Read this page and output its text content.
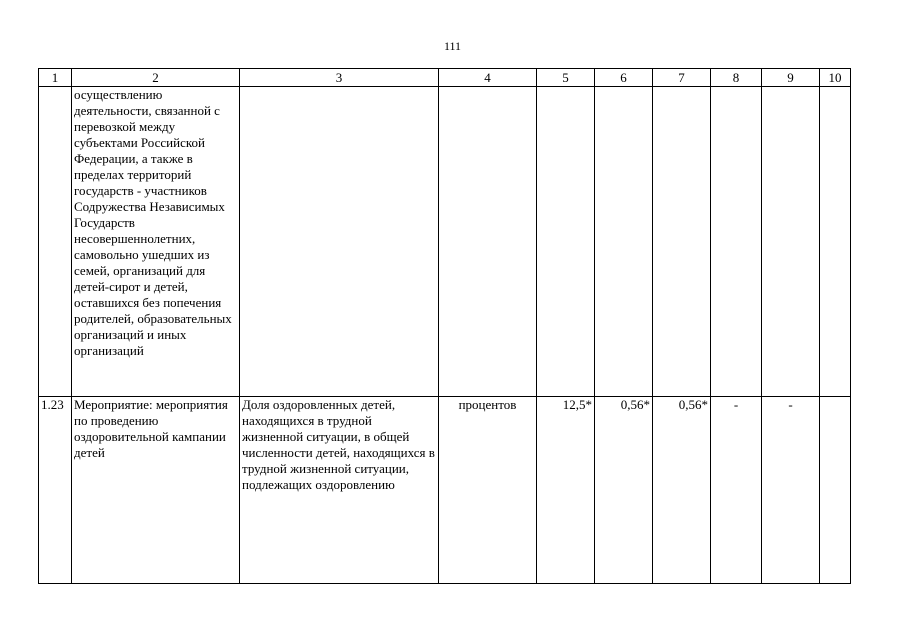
111
1	2	3	4	5	6	7	8	9	10
	осуществлению деятельности, связанной с перевозкой между субъектами Российской Федерации, а также в пределах территорий государств - участников Содружества Независимых Государств несовершеннолетних, самовольно ушедших из семей, организаций для детей-сирот и детей, оставшихся без попечения родителей, образовательных организаций и иных организаций								
1.23	Мероприятие: мероприятия по проведению оздоровительной кампании детей	Доля оздоровленных детей, находящихся в трудной жизненной ситуации, в общей численности детей, находящихся в трудной жизненной ситуации, подлежащих оздоровлению	процентов	12,5*	0,56*	0,56*	-	-	
